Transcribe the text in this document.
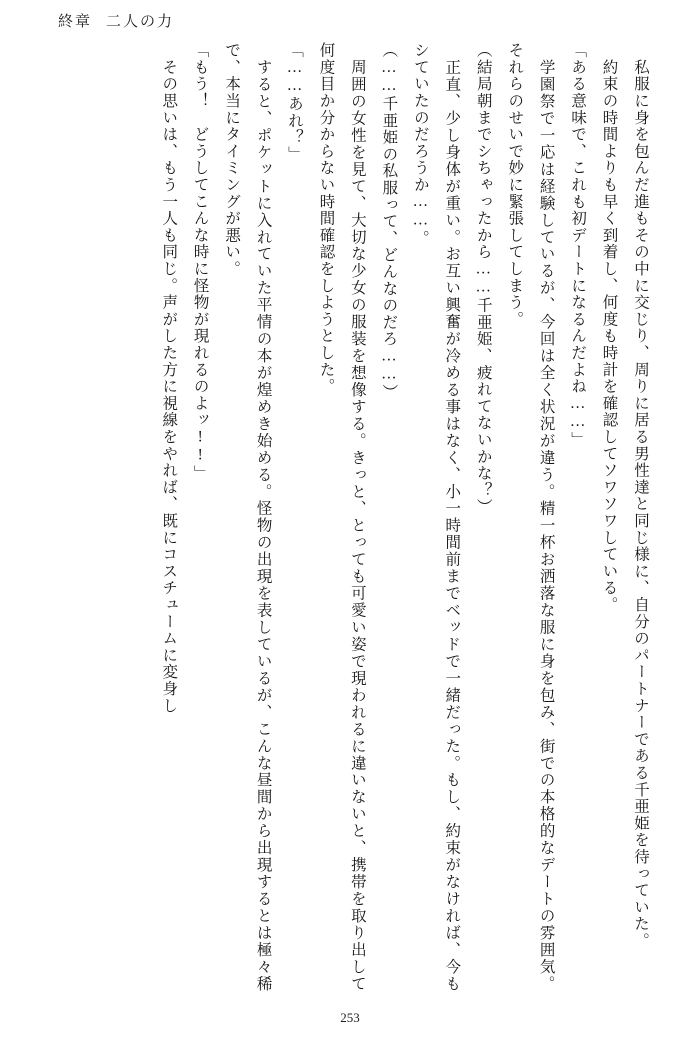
終章 二人の力

　私服に身を包んだ進もその中に交じり、周りに居る男性達と同じ様に、自分のパートナーである千亜姫を待っていた。

　約束の時間よりも早く到着し、何度も時計を確認してソワソワしている。

「ある意味で、これも初デートになるんだよね……」

　学園祭で一応は経験しているが、今回は全く状況が違う。精一杯お洒落な服に身を包み、街での本格的なデートの雰囲気。それらのせいで妙に緊張してしまう。

（結局朝までシちゃったから……千亜姫、疲れてないかな？）

　正直、少し身体が重い。お互い興奮が冷める事はなく、小一時間前までベッドで一緒だった。もし、約束がなければ、今もシていたのだろうか……。

（……千亜姫の私服って、どんなのだろ……）

　周囲の女性を見て、大切な少女の服装を想像する。きっと、とっても可愛い姿で現われるに違いないと、携帯を取り出して何度目か分からない時間確認をしようとした。

「……あれ？」

　すると、ポケットに入れていた平情の本が煌めき始める。怪物の出現を表しているが、こんな昼間から出現するとは極々稀で、本当にタイミングが悪い。

「もう！　どうしてこんな時に怪物が現れるのよッ!!」

　その思いは、もう一人も同じ。声がした方に視線をやれば、既にコスチュームに変身し

253
